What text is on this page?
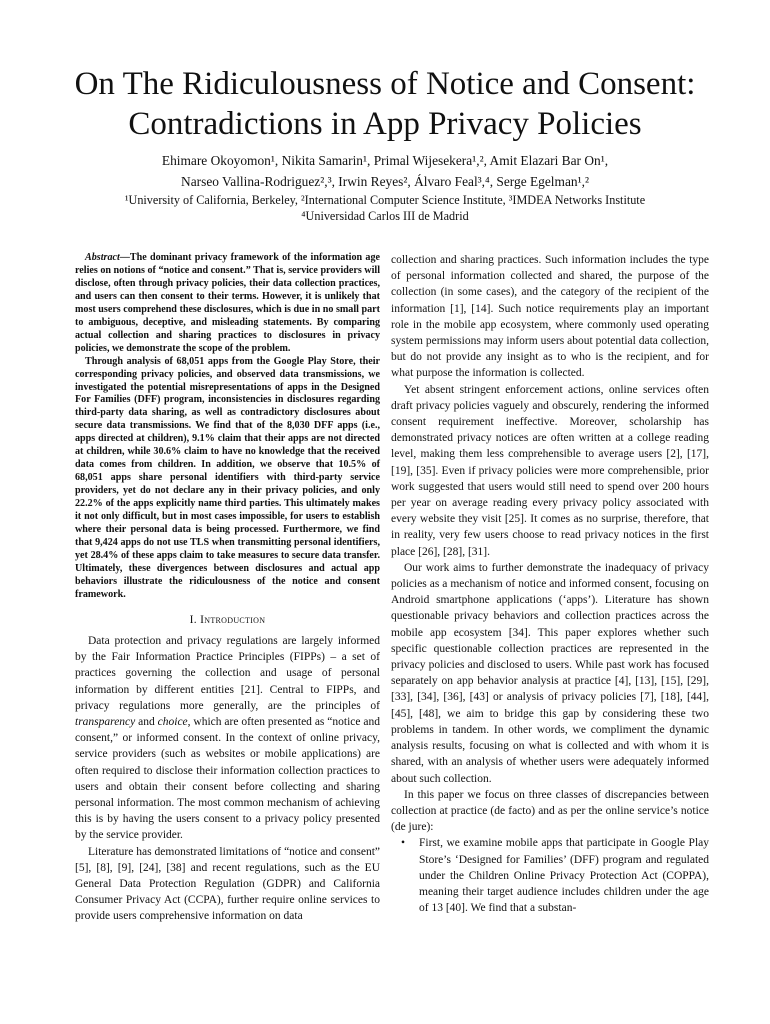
On The Ridiculousness of Notice and Consent: Contradictions in App Privacy Policies

Ehimare Okoyomon¹, Nikita Samarin¹, Primal Wijesekera¹,², Amit Elazari Bar On¹,

Narseo Vallina-Rodriguez²,³, Irwin Reyes², Álvaro Feal³,⁴, Serge Egelman¹,²

¹University of California, Berkeley, ²International Computer Science Institute, ³IMDEA Networks Institute

⁴Universidad Carlos III de Madrid

Abstract—The dominant privacy framework of the information age relies on notions of “notice and consent.” That is, service providers will disclose, often through privacy policies, their data collection practices, and users can then consent to their terms. However, it is unlikely that most users comprehend these disclosures, which is due in no small part to ambiguous, deceptive, and misleading statements. By comparing actual collection and sharing practices to disclosures in privacy policies, we demonstrate the scope of the problem.

Through analysis of 68,051 apps from the Google Play Store, their corresponding privacy policies, and observed data transmissions, we investigated the potential misrepresentations of apps in the Designed For Families (DFF) program, inconsistencies in disclosures regarding third-party data sharing, as well as contradictory disclosures about secure data transmissions. We find that of the 8,030 DFF apps (i.e., apps directed at children), 9.1% claim that their apps are not directed at children, while 30.6% claim to have no knowledge that the received data comes from children. In addition, we observe that 10.5% of 68,051 apps share personal identifiers with third-party service providers, yet do not declare any in their privacy policies, and only 22.2% of the apps explicitly name third parties. This ultimately makes it not only difficult, but in most cases impossible, for users to establish where their personal data is being processed. Furthermore, we find that 9,424 apps do not use TLS when transmitting personal identifiers, yet 28.4% of these apps claim to take measures to secure data transfer. Ultimately, these divergences between disclosures and actual app behaviors illustrate the ridiculousness of the notice and consent framework.

I. Introduction

Data protection and privacy regulations are largely informed by the Fair Information Practice Principles (FIPPs) – a set of practices governing the collection and usage of personal information by different entities [21]. Central to FIPPs, and privacy regulations more generally, are the principles of transparency and choice, which are often presented as “notice and consent,” or informed consent. In the context of online privacy, service providers (such as websites or mobile applications) are often required to disclose their information collection practices to users and obtain their consent before collecting and sharing personal information. The most common mechanism of achieving this is by having the users consent to a privacy policy presented by the service provider.

Literature has demonstrated limitations of “notice and consent” [5], [8], [9], [24], [38] and recent regulations, such as the EU General Data Protection Regulation (GDPR) and California Consumer Privacy Act (CCPA), further require online services to provide users comprehensive information on data

collection and sharing practices. Such information includes the type of personal information collected and shared, the purpose of the collection (in some cases), and the category of the recipient of the information [1], [14]. Such notice requirements play an important role in the mobile app ecosystem, where commonly used operating system permissions may inform users about potential data collection, but do not provide any insight as to who is the recipient, and for what purpose the information is collected.

Yet absent stringent enforcement actions, online services often draft privacy policies vaguely and obscurely, rendering the informed consent requirement ineffective. Moreover, scholarship has demonstrated privacy notices are often written at a college reading level, making them less comprehensible to average users [2], [17], [19], [35]. Even if privacy policies were more comprehensible, prior work suggested that users would still need to spend over 200 hours per year on average reading every privacy policy associated with every website they visit [25]. It comes as no surprise, therefore, that in reality, very few users choose to read privacy notices in the first place [26], [28], [31].

Our work aims to further demonstrate the inadequacy of privacy policies as a mechanism of notice and informed consent, focusing on Android smartphone applications (‘apps’). Literature has shown questionable privacy behaviors and collection practices across the mobile app ecosystem [34]. This paper explores whether such specific questionable collection practices are represented in the privacy policies and disclosed to users. While past work has focused separately on app behavior analysis at practice [4], [13], [15], [29], [33], [34], [36], [43] or analysis of privacy policies [7], [18], [44], [45], [48], we aim to bridge this gap by considering these two problems in tandem. In other words, we compliment the dynamic analysis results, focusing on what is collected and with whom it is shared, with an analysis of whether users were adequately informed about such collection.

In this paper we focus on three classes of discrepancies between collection at practice (de facto) and as per the online service’s notice (de jure):

• First, we examine mobile apps that participate in Google Play Store’s ‘Designed for Families’ (DFF) program and regulated under the Children Online Privacy Protection Act (COPPA), meaning their target audience includes children under the age of 13 [40]. We find that a substan-
